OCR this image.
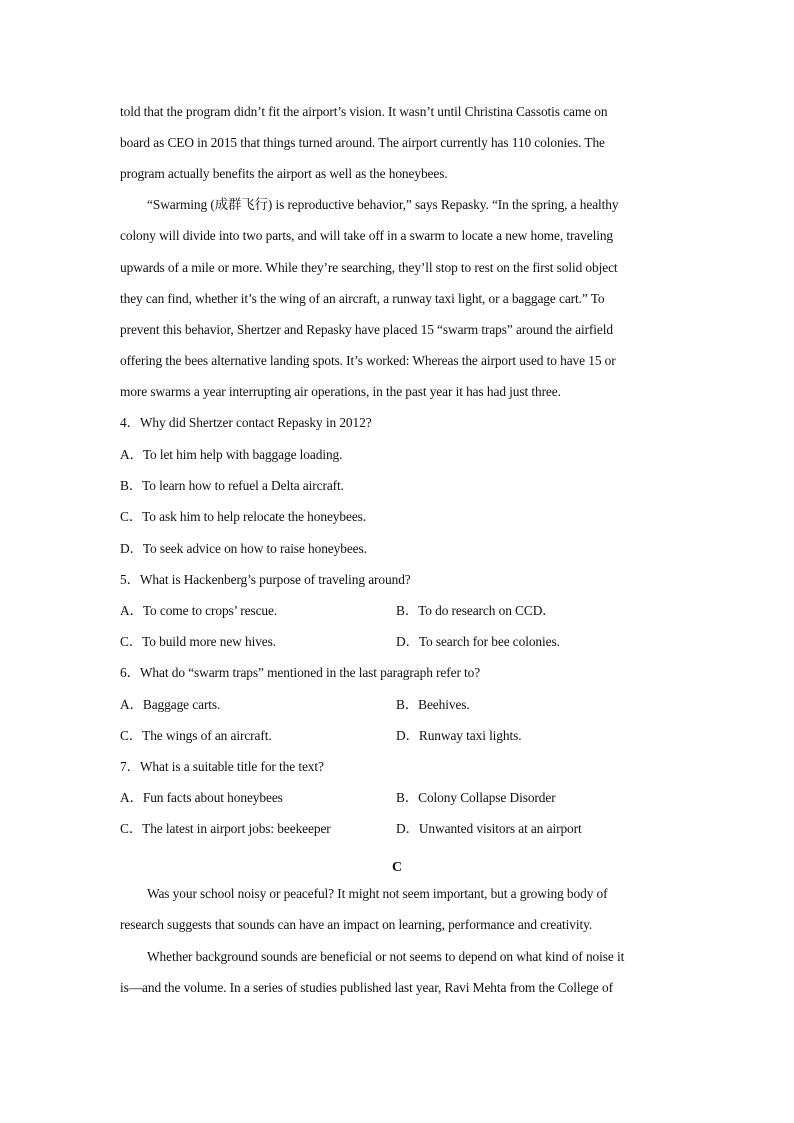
told that the program didn’t fit the airport’s vision. It wasn’t until Christina Cassotis came on
board as CEO in 2015 that things turned around. The airport currently has 110 colonies. The
program actually benefits the airport as well as the honeybees.
“Swarming (成群飞行) is reproductive behavior,” says Repasky. “In the spring, a healthy
colony will divide into two parts, and will take off in a swarm to locate a new home, traveling
upwards of a mile or more. While they’re searching, they’ll stop to rest on the first solid object
they can find, whether it’s the wing of an aircraft, a runway taxi light, or a baggage cart.” To
prevent this behavior, Shertzer and Repasky have placed 15 “swarm traps” around the airfield
offering the bees alternative landing spots. It’s worked: Whereas the airport used to have 15 or
more swarms a year interrupting air operations, in the past year it has had just three.
4．Why did Shertzer contact Repasky in 2012?
A．To let him help with baggage loading.
B．To learn how to refuel a Delta aircraft.
C．To ask him to help relocate the honeybees.
D．To seek advice on how to raise honeybees.
5．What is Hackenberg’s purpose of traveling around?
A．To come to crops’ rescue.	B．To do research on CCD．
C．To build more new hives.	D．To search for bee colonies.
6．What do “swarm traps” mentioned in the last paragraph refer to?
A．Baggage carts.	B．Beehives.
C．The wings of an aircraft.	D．Runway taxi lights.
7．What is a suitable title for the text?
A．Fun facts about honeybees	B．Colony Collapse Disorder
C．The latest in airport jobs: beekeeper	D．Unwanted visitors at an airport
C
Was your school noisy or peaceful? It might not seem important, but a growing body of
research suggests that sounds can have an impact on learning, performance and creativity.
Whether background sounds are beneficial or not seems to depend on what kind of noise it
is—and the volume. In a series of studies published last year, Ravi Mehta from the College of
